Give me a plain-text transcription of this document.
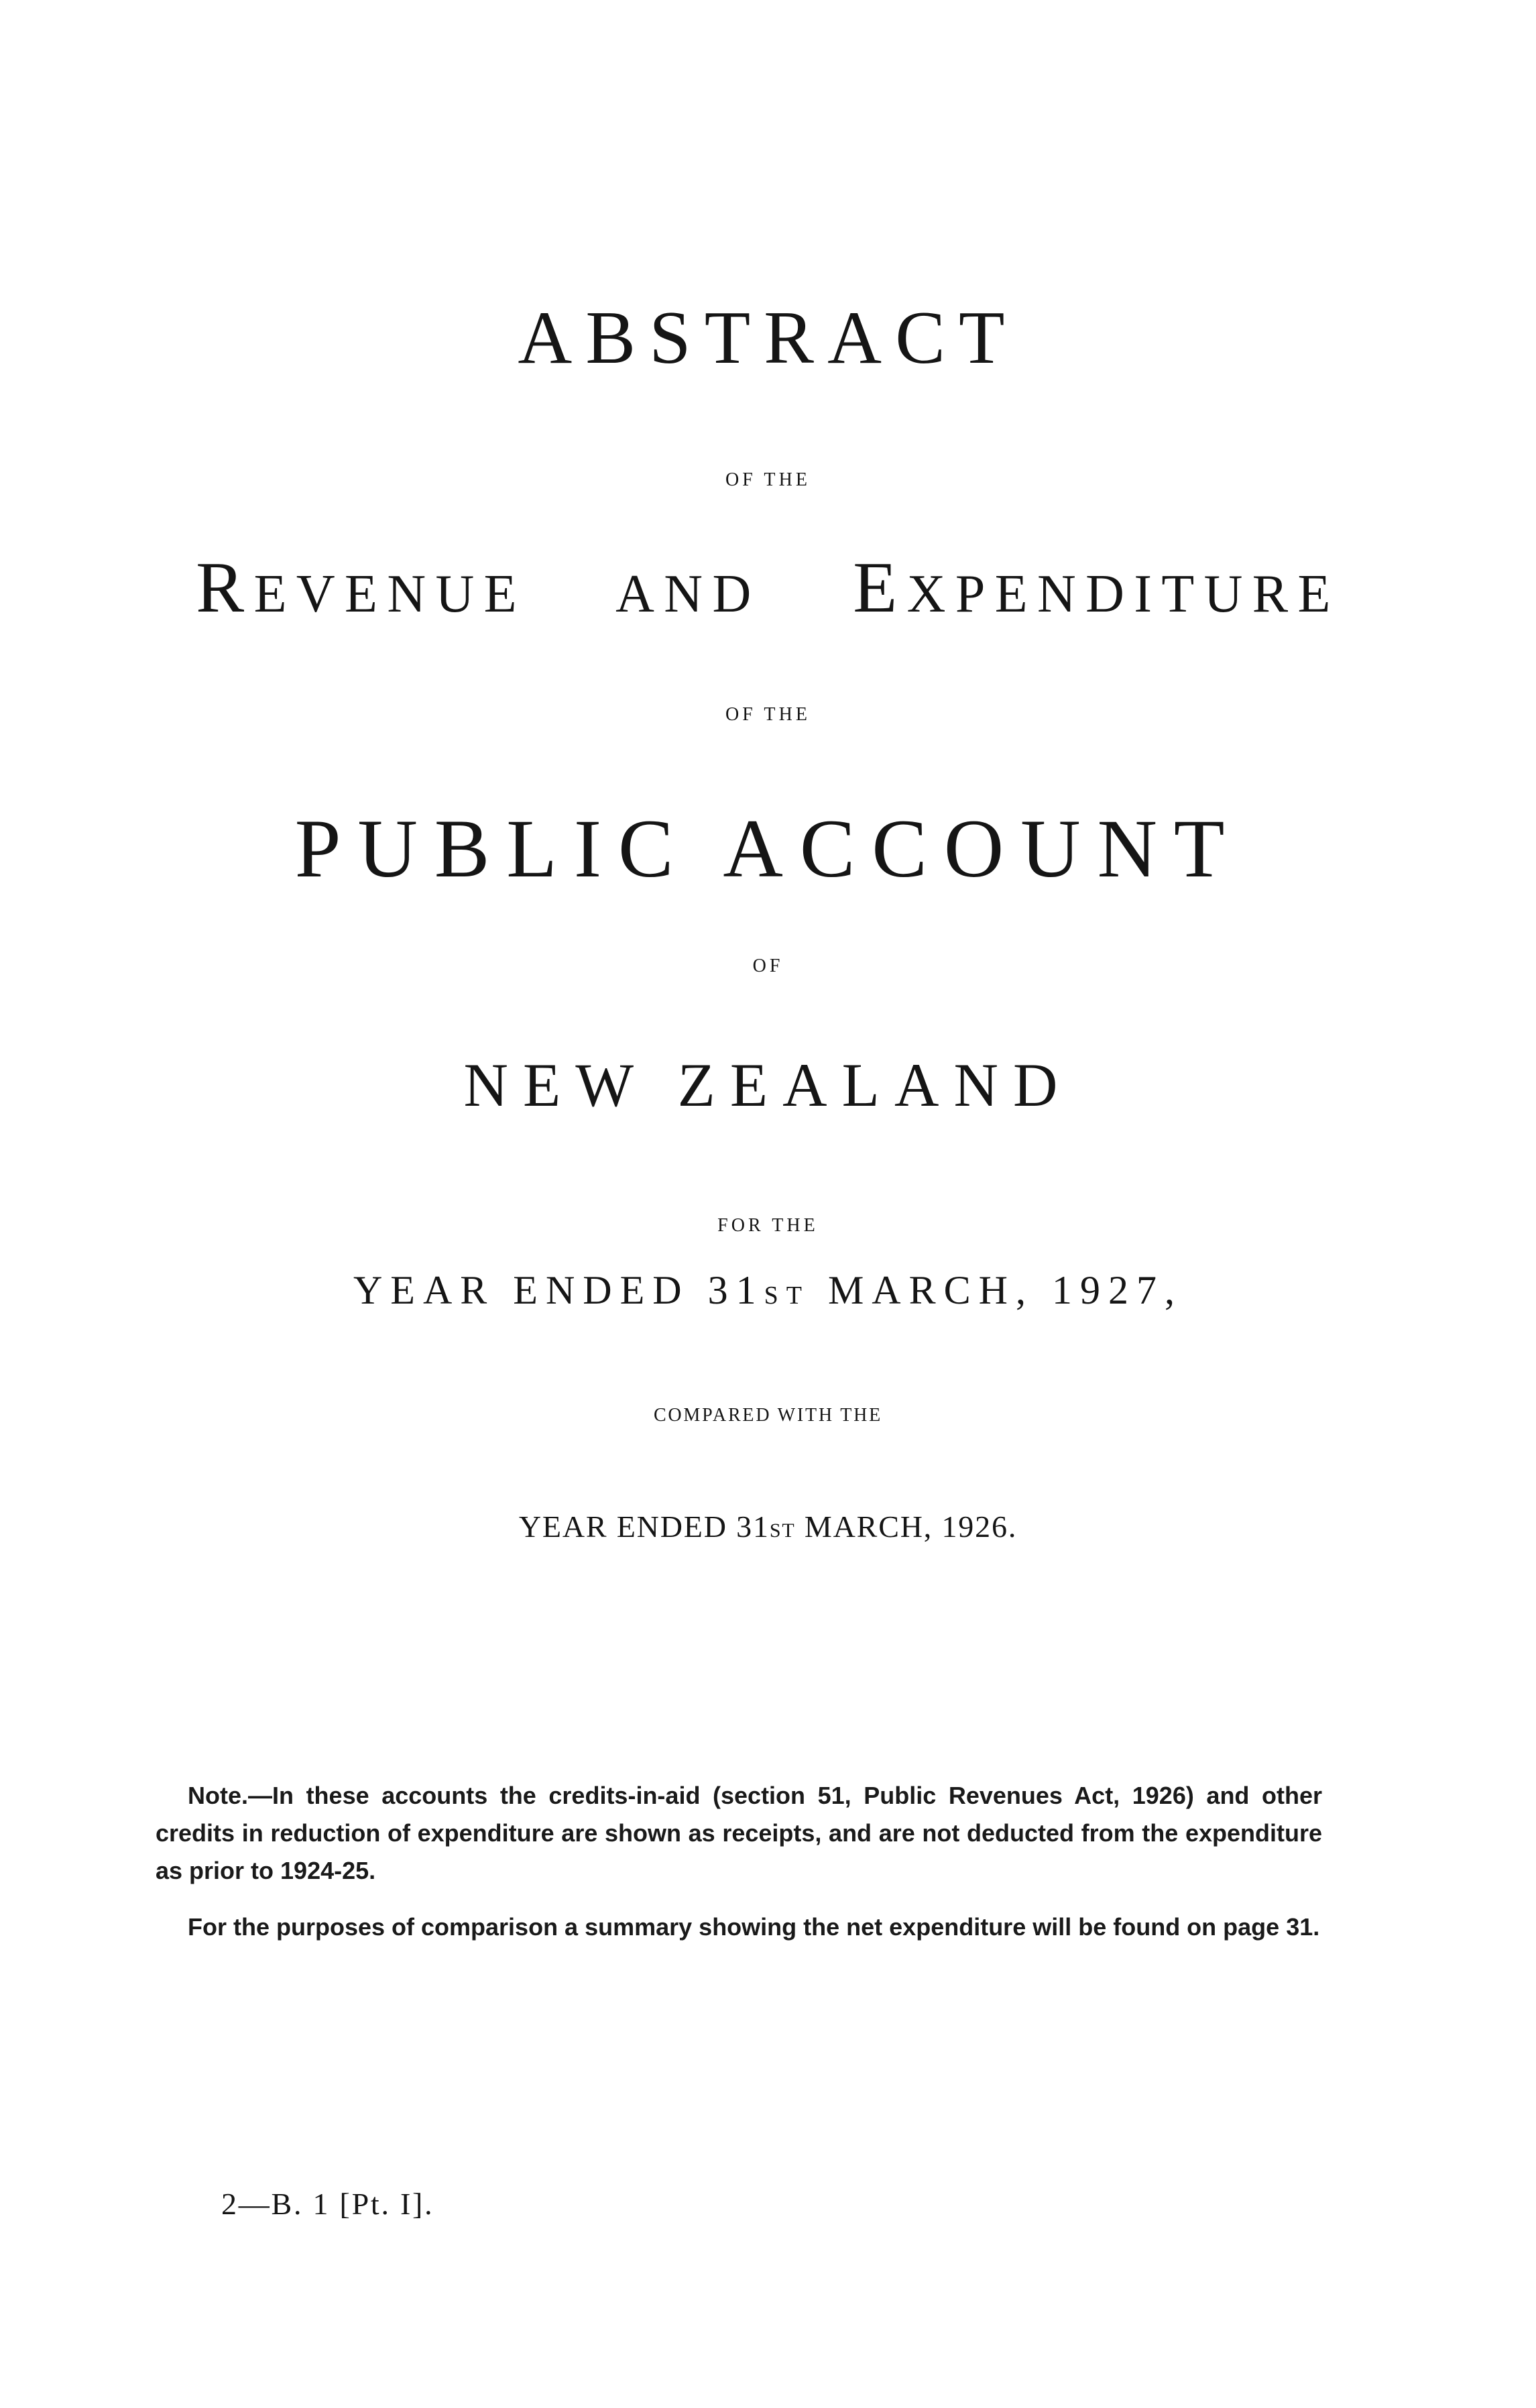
ABSTRACT
OF THE
REVENUE AND EXPENDITURE
OF THE
PUBLIC ACCOUNT
OF
NEW ZEALAND
FOR THE
YEAR ENDED 31ST MARCH, 1927,
COMPARED WITH THE
YEAR ENDED 31ST MARCH, 1926.

Note.—In these accounts the credits-in-aid (section 51, Public Revenues Act, 1926) and other credits in reduction of expenditure are shown as receipts, and are not deducted from the expenditure as prior to 1924-25.

For the purposes of comparison a summary showing the net expenditure will be found on page 31.

2—B. 1 [Pt. I].
